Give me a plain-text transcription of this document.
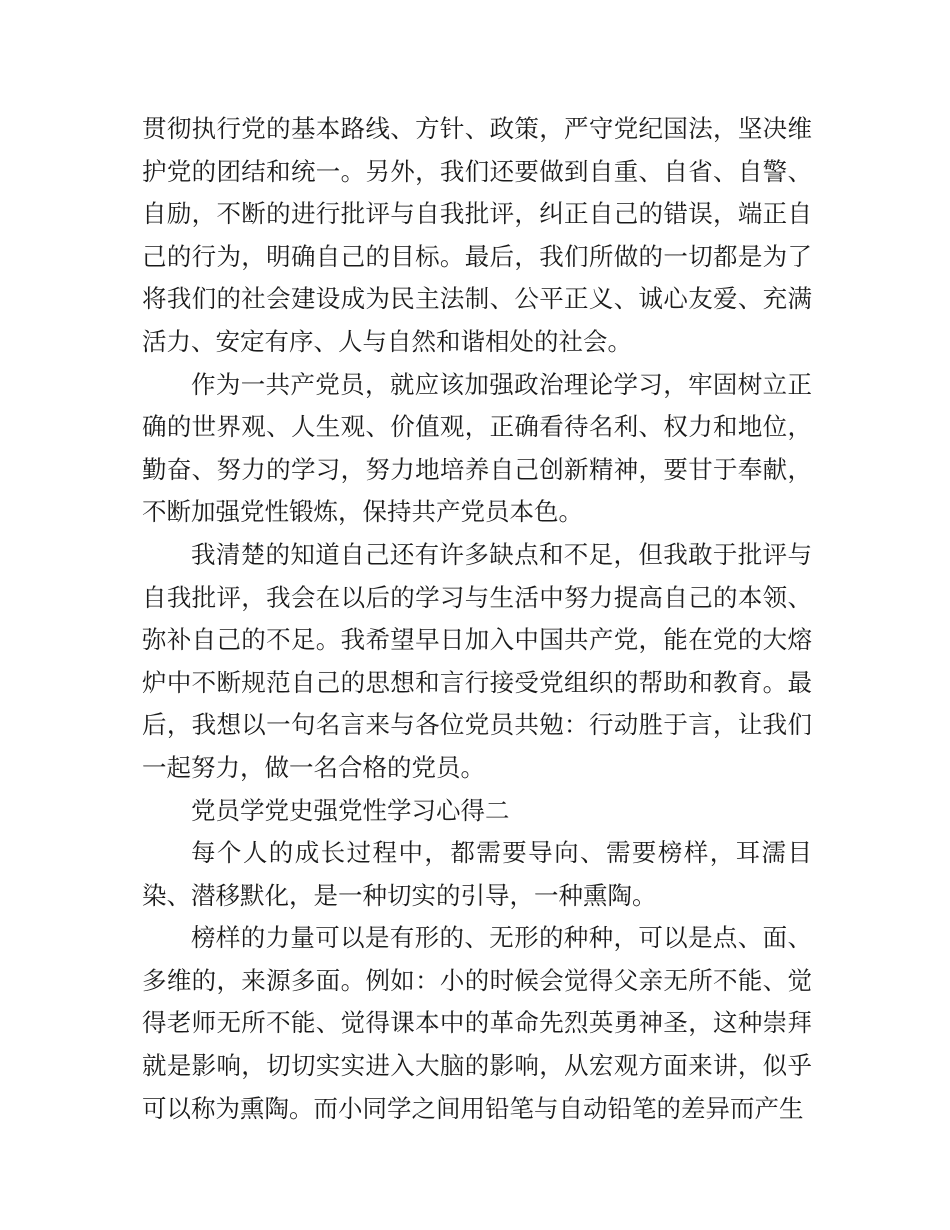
贯彻执行党的基本路线、方针、政策，严守党纪国法，坚决维护党的团结和统一。另外，我们还要做到自重、自省、自警、自励，不断的进行批评与自我批评，纠正自己的错误，端正自己的行为，明确自己的目标。最后，我们所做的一切都是为了将我们的社会建设成为民主法制、公平正义、诚心友爱、充满活力、安定有序、人与自然和谐相处的社会。

作为一共产党员，就应该加强政治理论学习，牢固树立正确的世界观、人生观、价值观，正确看待名利、权力和地位，勤奋、努力的学习，努力地培养自己创新精神，要甘于奉献，不断加强党性锻炼，保持共产党员本色。

我清楚的知道自己还有许多缺点和不足，但我敢于批评与自我批评，我会在以后的学习与生活中努力提高自己的本领、弥补自己的不足。我希望早日加入中国共产党，能在党的大熔炉中不断规范自己的思想和言行接受党组织的帮助和教育。最后，我想以一句名言来与各位党员共勉：行动胜于言，让我们一起努力，做一名合格的党员。

党员学党史强党性学习心得二

每个人的成长过程中，都需要导向、需要榜样，耳濡目染、潜移默化，是一种切实的引导，一种熏陶。

榜样的力量可以是有形的、无形的种种，可以是点、面、多维的，来源多面。例如：小的时候会觉得父亲无所不能、觉得老师无所不能、觉得课本中的革命先烈英勇神圣，这种崇拜就是影响，切切实实进入大脑的影响，从宏观方面来讲，似乎可以称为熏陶。而小同学之间用铅笔与自动铅笔的差异而产生
